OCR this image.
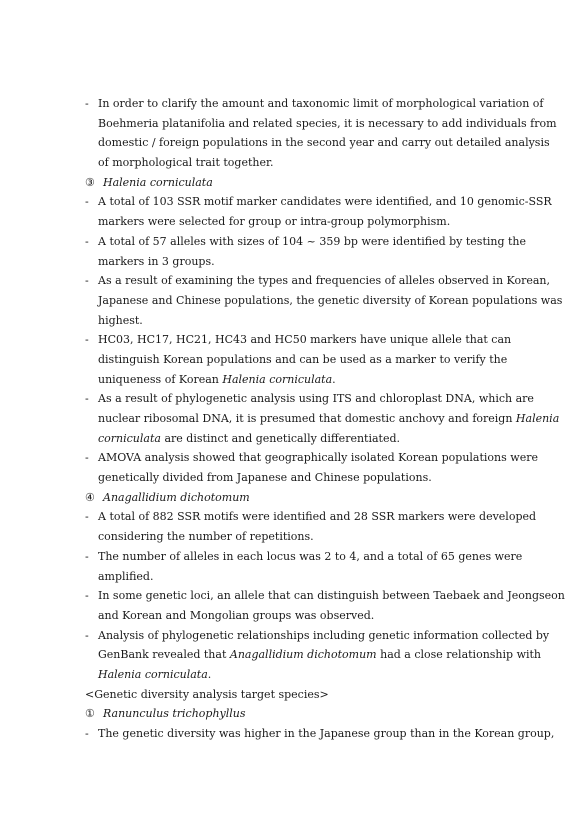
- In order to clarify the amount and taxonomic limit of morphological variation of
Boehmeria platanifolia and related species, it is necessary to add individuals from
domestic / foreign populations in the second year and carry out detailed analysis
of morphological trait together.
③ Halenia corniculata
- A total of 103 SSR motif marker candidates were identified, and 10 genomic-SSR
markers were selected for group or intra-group polymorphism.
- A total of 57 alleles with sizes of 104 ~ 359 bp were identified by testing the
markers in 3 groups.
- As a result of examining the types and frequencies of alleles observed in Korean,
Japanese and Chinese populations, the genetic diversity of Korean populations was
highest.
- HC03, HC17, HC21, HC43 and HC50 markers have unique allele that can
distinguish Korean populations and can be used as a marker to verify the
uniqueness of Korean Halenia corniculata.
- As a result of phylogenetic analysis using ITS and chloroplast DNA, which are
nuclear ribosomal DNA, it is presumed that domestic anchovy and foreign Halenia
corniculata are distinct and genetically differentiated.
- AMOVA analysis showed that geographically isolated Korean populations were
genetically divided from Japanese and Chinese populations.
④ Anagallidium dichotomum
- A total of 882 SSR motifs were identified and 28 SSR markers were developed
considering the number of repetitions.
- The number of alleles in each locus was 2 to 4, and a total of 65 genes were
amplified.
- In some genetic loci, an allele that can distinguish between Taebaek and Jeongseon
and Korean and Mongolian groups was observed.
- Analysis of phylogenetic relationships including genetic information collected by
GenBank revealed that Anagallidium dichotomum had a close relationship with
Halenia corniculata.
<Genetic diversity analysis target species>
① Ranunculus trichophyllus
- The genetic diversity was higher in the Japanese group than in the Korean group,
